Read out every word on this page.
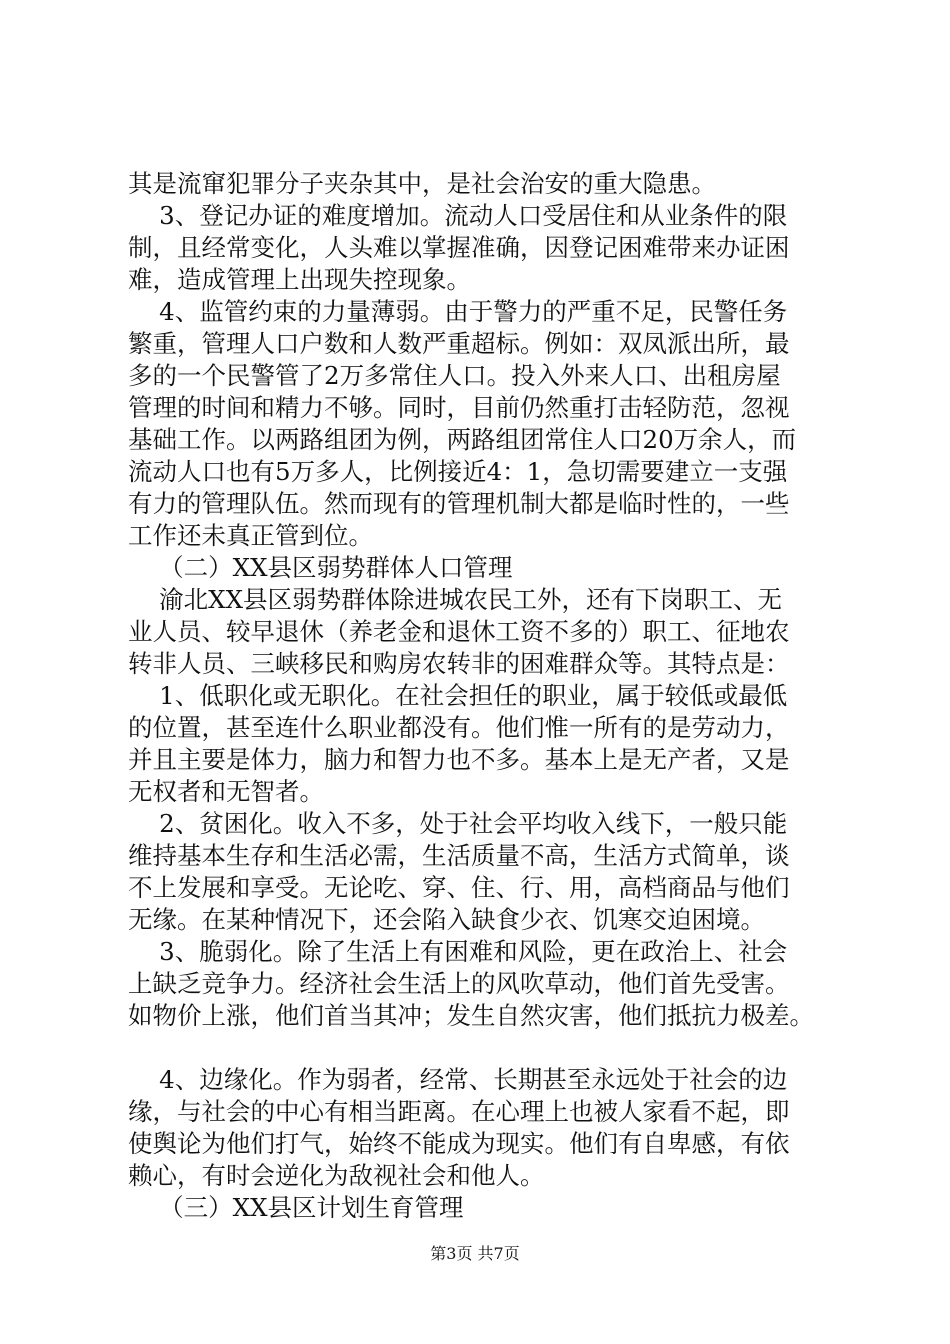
其是流窜犯罪分子夹杂其中，是社会治安的重大隐患。

3、登记办证的难度增加。流动人口受居住和从业条件的限

制，且经常变化，人头难以掌握准确，因登记困难带来办证困

难，造成管理上出现失控现象。

4、监管约束的力量薄弱。由于警力的严重不足，民警任务

繁重，管理人口户数和人数严重超标。例如：双凤派出所，最

多的一个民警管了2万多常住人口。投入外来人口、出租房屋

管理的时间和精力不够。同时，目前仍然重打击轻防范，忽视

基础工作。以两路组团为例，两路组团常住人口20万余人，而

流动人口也有5万多人，比例接近4：1，急切需要建立一支强

有力的管理队伍。然而现有的管理机制大都是临时性的，一些

工作还未真正管到位。

（二）XX县区弱势群体人口管理

渝北XX县区弱势群体除进城农民工外，还有下岗职工、无

业人员、较早退休（养老金和退休工资不多的）职工、征地农

转非人员、三峡移民和购房农转非的困难群众等。其特点是：

1、低职化或无职化。在社会担任的职业，属于较低或最低

的位置，甚至连什么职业都没有。他们惟一所有的是劳动力，

并且主要是体力，脑力和智力也不多。基本上是无产者，又是

无权者和无智者。

2、贫困化。收入不多，处于社会平均收入线下，一般只能

维持基本生存和生活必需，生活质量不高，生活方式简单，谈

不上发展和享受。无论吃、穿、住、行、用，高档商品与他们

无缘。在某种情况下，还会陷入缺食少衣、饥寒交迫困境。

3、脆弱化。除了生活上有困难和风险，更在政治上、社会

上缺乏竞争力。经济社会生活上的风吹草动，他们首先受害。

如物价上涨，他们首当其冲；发生自然灾害，他们抵抗力极差。

4、边缘化。作为弱者，经常、长期甚至永远处于社会的边

缘，与社会的中心有相当距离。在心理上也被人家看不起，即

使舆论为他们打气，始终不能成为现实。他们有自卑感，有依

赖心，有时会逆化为敌视社会和他人。

（三）XX县区计划生育管理

第3页 共7页
